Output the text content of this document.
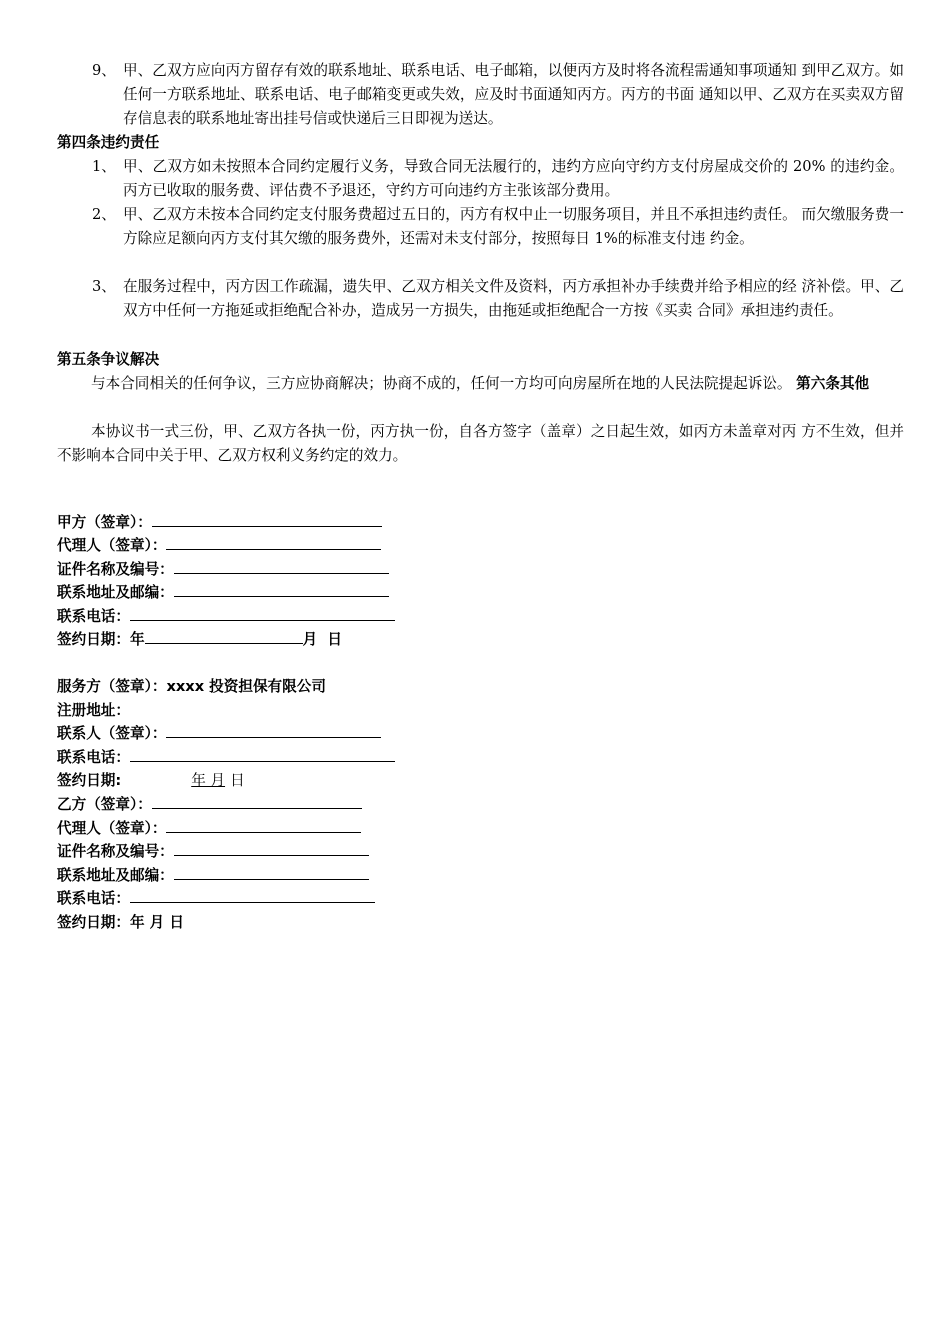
9、 甲、乙双方应向丙方留存有效的联系地址、联系电话、电子邮箱，以便丙方及时将各流程需通知事项通知 到甲乙双方。如任何一方联系地址、联系电话、电子邮箱变更或失效，应及时书面通知丙方。丙方的书面 通知以甲、乙双方在买卖双方留存信息表的联系地址寄出挂号信或快递后三日即视为送达。
第四条违约责任
1、 甲、乙双方如未按照本合同约定履行义务，导致合同无法履行的，违约方应向守约方支付房屋成交价的 20% 的违约金。丙方已收取的服务费、评估费不予退还，守约方可向违约方主张该部分费用。
2、 甲、乙双方未按本合同约定支付服务费超过五日的，丙方有权中止一切服务项目，并且不承担违约责任。 而欠缴服务费一方除应足额向丙方支付其欠缴的服务费外，还需对未支付部分，按照每日 1%的标准支付违 约金。
3、 在服务过程中，丙方因工作疏漏，遗失甲、乙双方相关文件及资料，丙方承担补办手续费并给予相应的经 济补偿。甲、乙双方中任何一方拖延或拒绝配合补办，造成另一方损失，由拖延或拒绝配合一方按《买卖 合同》承担违约责任。
第五条争议解决
与本合同相关的任何争议，三方应协商解决；协商不成的，任何一方均可向房屋所在地的人民法院提起诉讼。 第六条其他
本协议书一式三份，甲、乙双方各执一份，丙方执一份，自各方签字（盖章）之日起生效，如丙方未盖章对丙 方不生效，但并不影响本合同中关于甲、乙双方权利义务约定的效力。
甲方（签章）：
代理人（签章）：
证件名称及编号：
联系地址及邮编：
联系电话：
签约日期：年	月 日
服务方（签章）：xxxx 投资担保有限公司
注册地址：
联系人（签章）：
联系电话：
签约日期:	年 月 日
乙方（签章）：
代理人（签章）：
证件名称及编号：
联系地址及邮编：
联系电话：
签约日期：年 月 日
